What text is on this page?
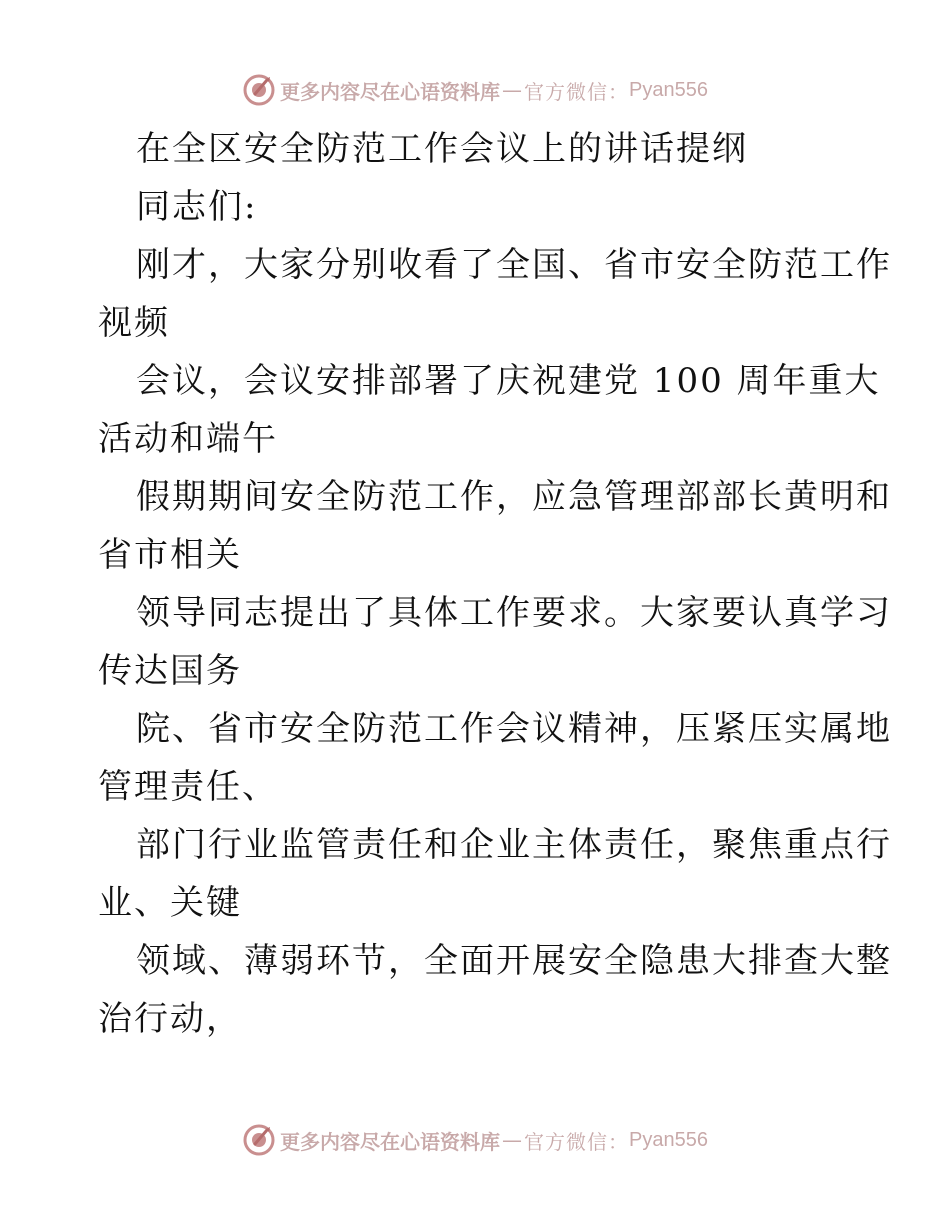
更多内容尽在心语资料库 — 官方微信： Pyan556
在全区安全防范工作会议上的讲话提纲
同志们:
刚才，大家分别收看了全国、省市安全防范工作
视频
会议，会议安排部署了庆祝建党 100 周年重大
活动和端午
假期期间安全防范工作，应急管理部部长黄明和
省市相关
领导同志提出了具体工作要求。大家要认真学习
传达国务
院、省市安全防范工作会议精神，压紧压实属地
管理责任、
部门行业监管责任和企业主体责任，聚焦重点行
业、关键
领域、薄弱环节，全面开展安全隐患大排查大整
治行动，
更多内容尽在心语资料库 — 官方微信： Pyan556
